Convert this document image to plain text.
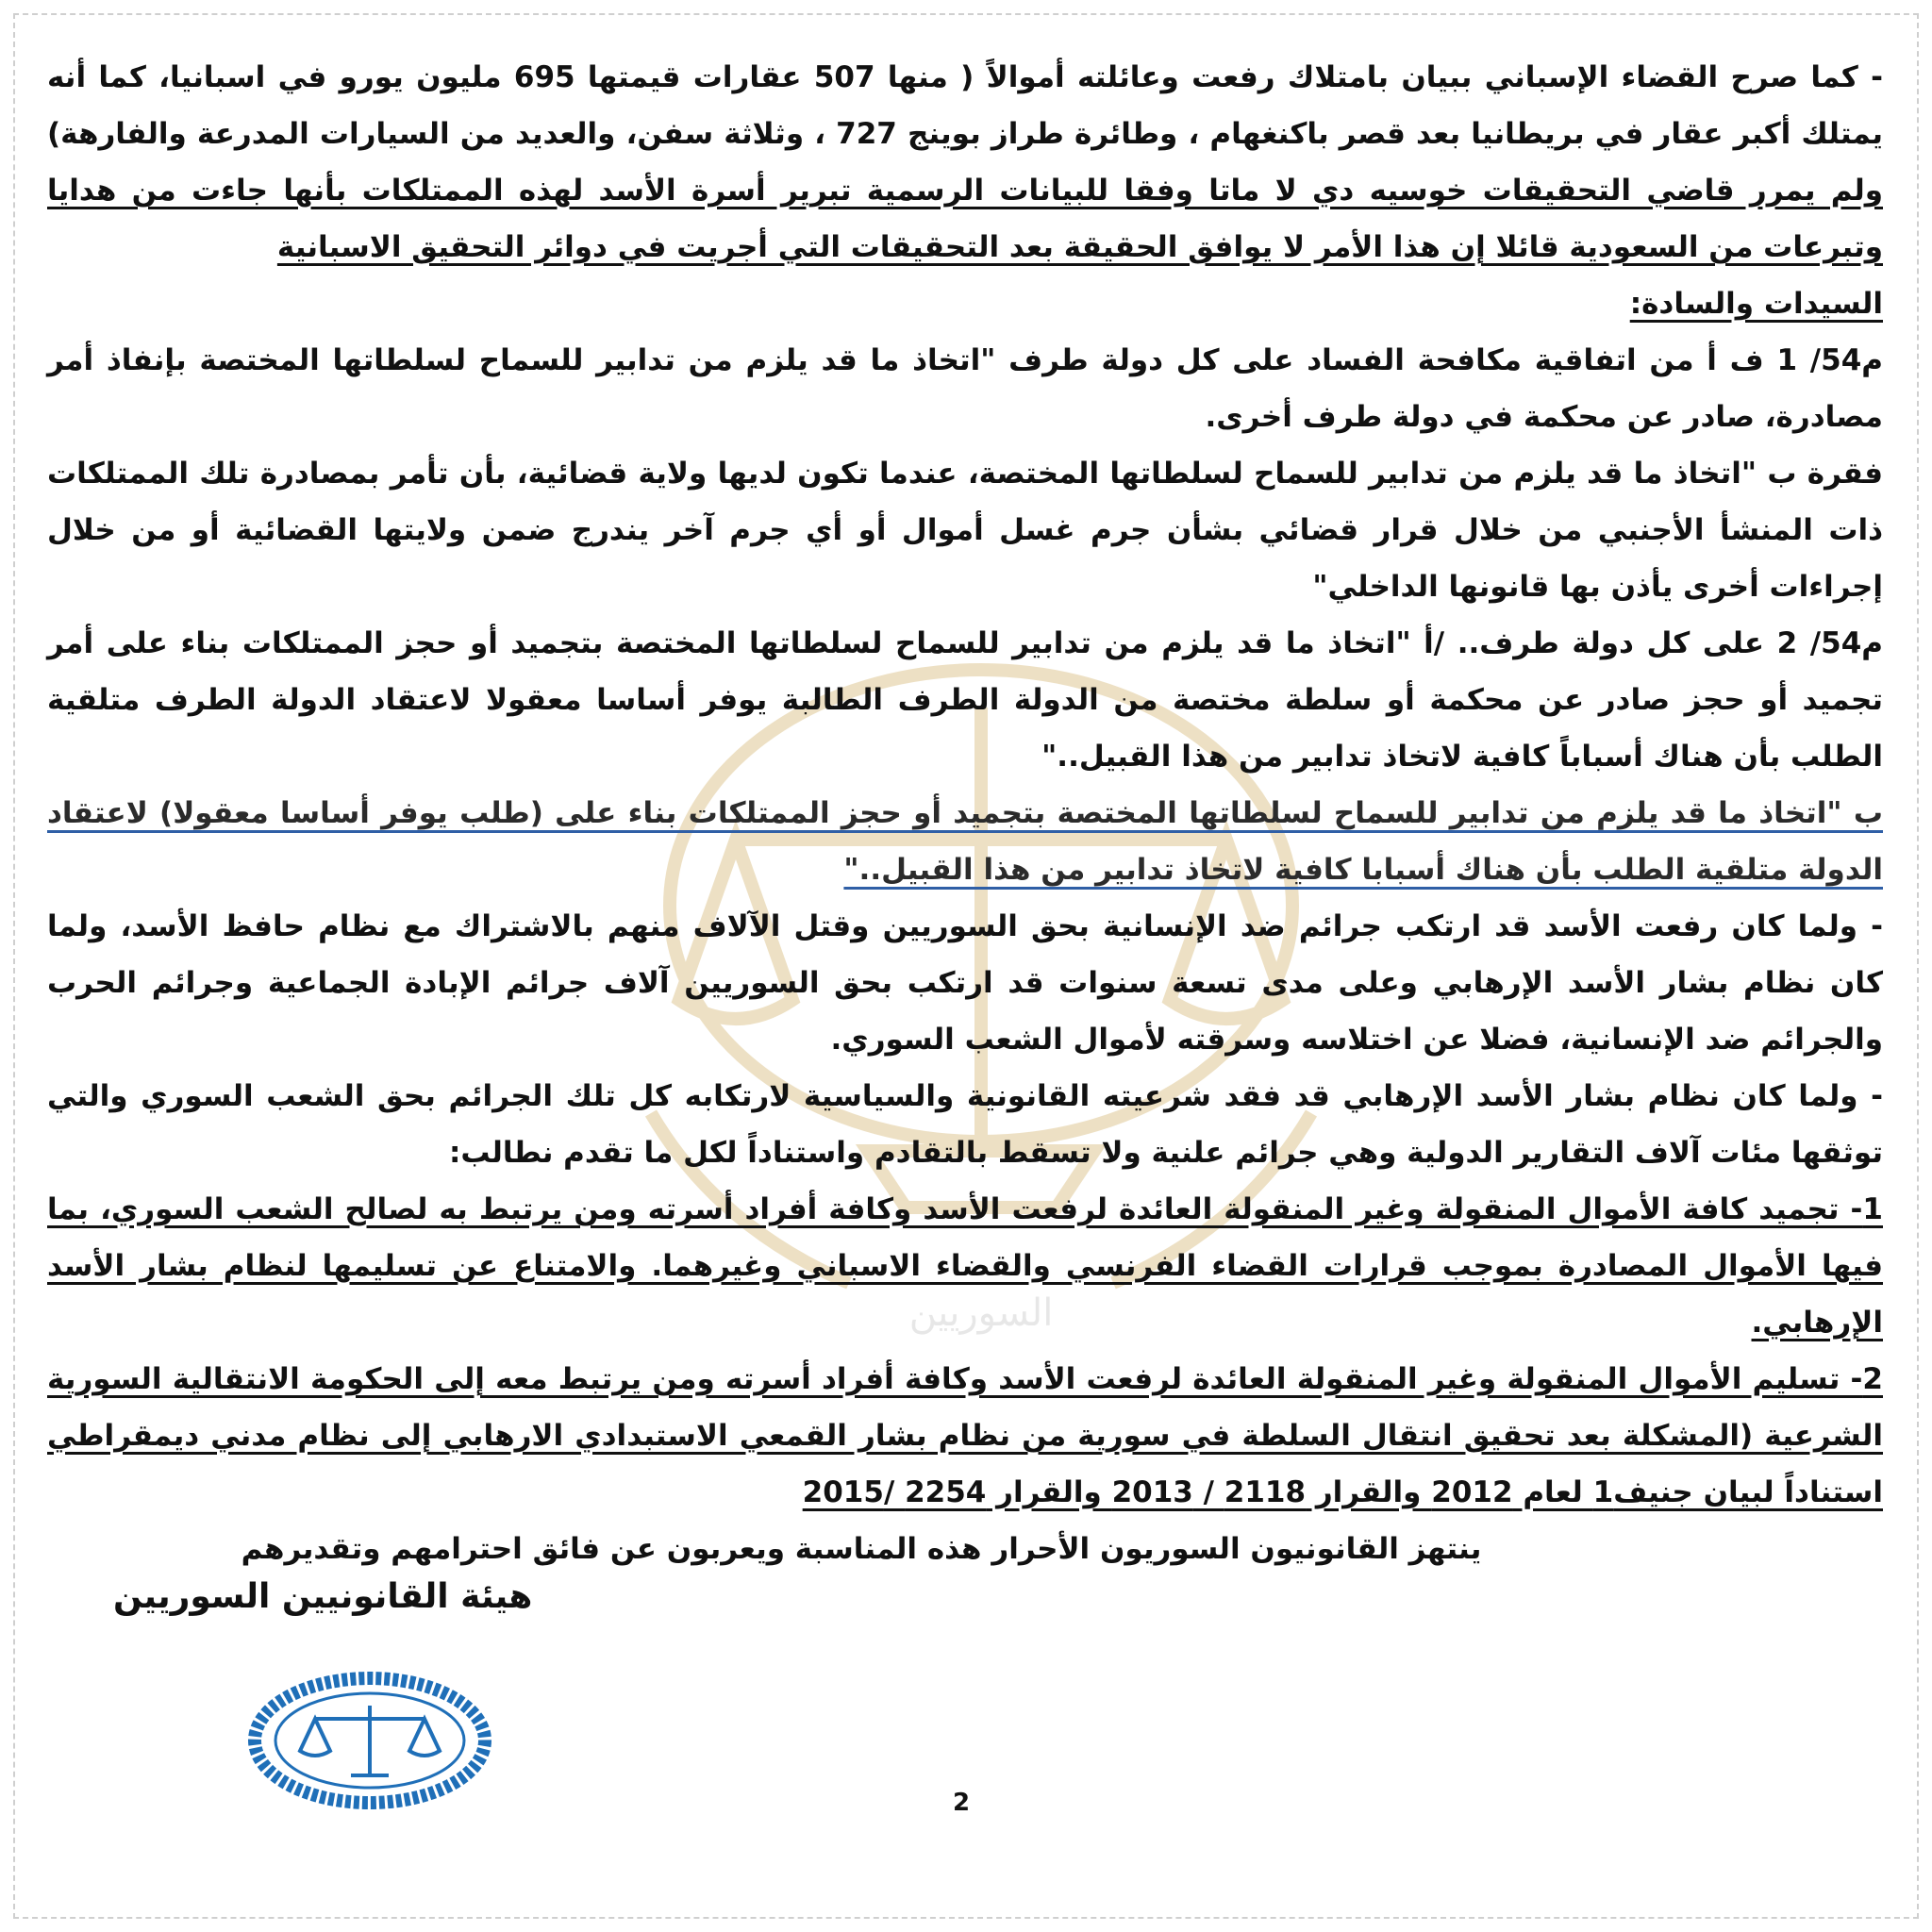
السوريين

- كما صرح القضاء الإسباني ببيان بامتلاك رفعت وعائلته أموالاً ( منها 507 عقارات قيمتها 695 مليون يورو في اسبانيا، كما أنه يمتلك أكبر عقار في بريطانيا بعد قصر باكنغهام ، وطائرة طراز بوينج 727 ، وثلاثة سفن، والعديد من السيارات المدرعة والفارهة) ولم يمرر قاضي التحقيقات خوسيه دي لا ماتا وفقا للبيانات الرسمية تبرير أسرة الأسد لهذه الممتلكات بأنها جاءت من هدايا وتبرعات من السعودية قائلا إن هذا الأمر لا يوافق الحقيقة بعد التحقيقات التي أجريت في دوائر التحقيق الاسبانية

السيدات والسادة:

م54/ 1 ف أ من اتفاقية مكافحة الفساد على كل دولة طرف "اتخاذ ما قد يلزم من تدابير للسماح لسلطاتها المختصة بإنفاذ أمر مصادرة، صادر عن محكمة في دولة طرف أخرى.

فقرة ب "اتخاذ ما قد يلزم من تدابير للسماح لسلطاتها المختصة، عندما تكون لديها ولاية قضائية، بأن تأمر بمصادرة تلك الممتلكات ذات المنشأ الأجنبي من خلال قرار قضائي بشأن جرم غسل أموال أو أي جرم آخر يندرج ضمن ولايتها القضائية أو من خلال إجراءات أخرى يأذن بها قانونها الداخلي"

م54/ 2 على كل دولة طرف.. /أ "اتخاذ ما قد يلزم من تدابير للسماح لسلطاتها المختصة بتجميد أو حجز الممتلكات بناء على أمر تجميد أو حجز صادر عن محكمة أو سلطة مختصة من الدولة الطرف الطالبة يوفر أساسا معقولا لاعتقاد الدولة الطرف متلقية الطلب بأن هناك أسباباً كافية لاتخاذ تدابير من هذا القبيل.."

ب "اتخاذ ما قد يلزم من تدابير للسماح لسلطاتها المختصة بتجميد أو حجز الممتلكات بناء على (طلب يوفر أساسا معقولا) لاعتقاد الدولة متلقية الطلب بأن هناك أسبابا كافية لاتخاذ تدابير من هذا القبيل.."

- ولما كان رفعت الأسد قد ارتكب جرائم ضد الإنسانية بحق السوريين وقتل الآلاف منهم بالاشتراك مع نظام حافظ الأسد، ولما كان نظام بشار الأسد الإرهابي وعلى مدى تسعة سنوات قد ارتكب بحق السوريين آلاف جرائم الإبادة الجماعية وجرائم الحرب والجرائم ضد الإنسانية، فضلا عن اختلاسه وسرقته لأموال الشعب السوري.

- ولما كان نظام بشار الأسد الإرهابي قد فقد شرعيته القانونية والسياسية لارتكابه كل تلك الجرائم بحق الشعب السوري والتي توثقها مئات آلاف التقارير الدولية وهي جرائم علنية ولا تسقط بالتقادم واستناداً لكل ما تقدم نطالب:

1- تجميد كافة الأموال المنقولة وغير المنقولة العائدة لرفعت الأسد وكافة أفراد أسرته ومن يرتبط به لصالح الشعب السوري، بما فيها الأموال المصادرة بموجب قرارات القضاء الفرنسي والقضاء الاسباني وغيرهما. والامتناع عن تسليمها لنظام بشار الأسد الإرهابي.

2- تسليم الأموال المنقولة وغير المنقولة العائدة لرفعت الأسد وكافة أفراد أسرته ومن يرتبط معه إلى الحكومة الانتقالية السورية الشرعية (المشكلة بعد تحقيق انتقال السلطة في سورية من نظام بشار القمعي الاستبدادي الارهابي إلى نظام مدني ديمقراطي استناداً لبيان جنيف1 لعام 2012 والقرار 2118 / 2013 والقرار 2254 /2015

ينتهز القانونيون السوريون الأحرار هذه المناسبة ويعربون عن فائق احترامهم وتقديرهم

هيئة القانونيين السوريين
2
